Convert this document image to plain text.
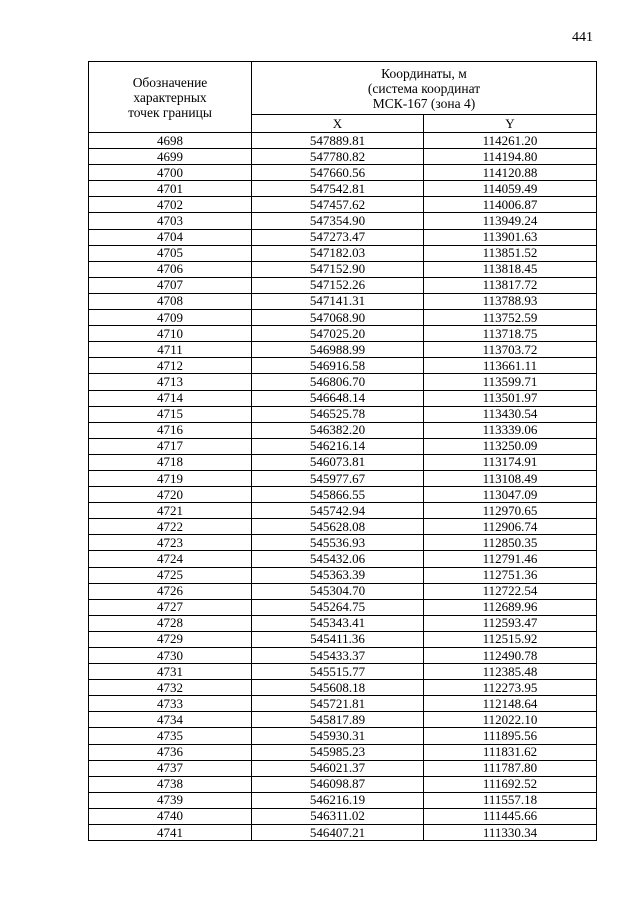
441
Обозначение
характерных
точек границы	Координаты, м
(система координат
МСК-167 (зона 4)	

	X	Y
4698	547889.81	114261.20
4699	547780.82	114194.80
4700	547660.56	114120.88
4701	547542.81	114059.49
4702	547457.62	114006.87
4703	547354.90	113949.24
4704	547273.47	113901.63
4705	547182.03	113851.52
4706	547152.90	113818.45
4707	547152.26	113817.72
4708	547141.31	113788.93
4709	547068.90	113752.59
4710	547025.20	113718.75
4711	546988.99	113703.72
4712	546916.58	113661.11
4713	546806.70	113599.71
4714	546648.14	113501.97
4715	546525.78	113430.54
4716	546382.20	113339.06
4717	546216.14	113250.09
4718	546073.81	113174.91
4719	545977.67	113108.49
4720	545866.55	113047.09
4721	545742.94	112970.65
4722	545628.08	112906.74
4723	545536.93	112850.35
4724	545432.06	112791.46
4725	545363.39	112751.36
4726	545304.70	112722.54
4727	545264.75	112689.96
4728	545343.41	112593.47
4729	545411.36	112515.92
4730	545433.37	112490.78
4731	545515.77	112385.48
4732	545608.18	112273.95
4733	545721.81	112148.64
4734	545817.89	112022.10
4735	545930.31	111895.56
4736	545985.23	111831.62
4737	546021.37	111787.80
4738	546098.87	111692.52
4739	546216.19	111557.18
4740	546311.02	111445.66
4741	546407.21	111330.34
